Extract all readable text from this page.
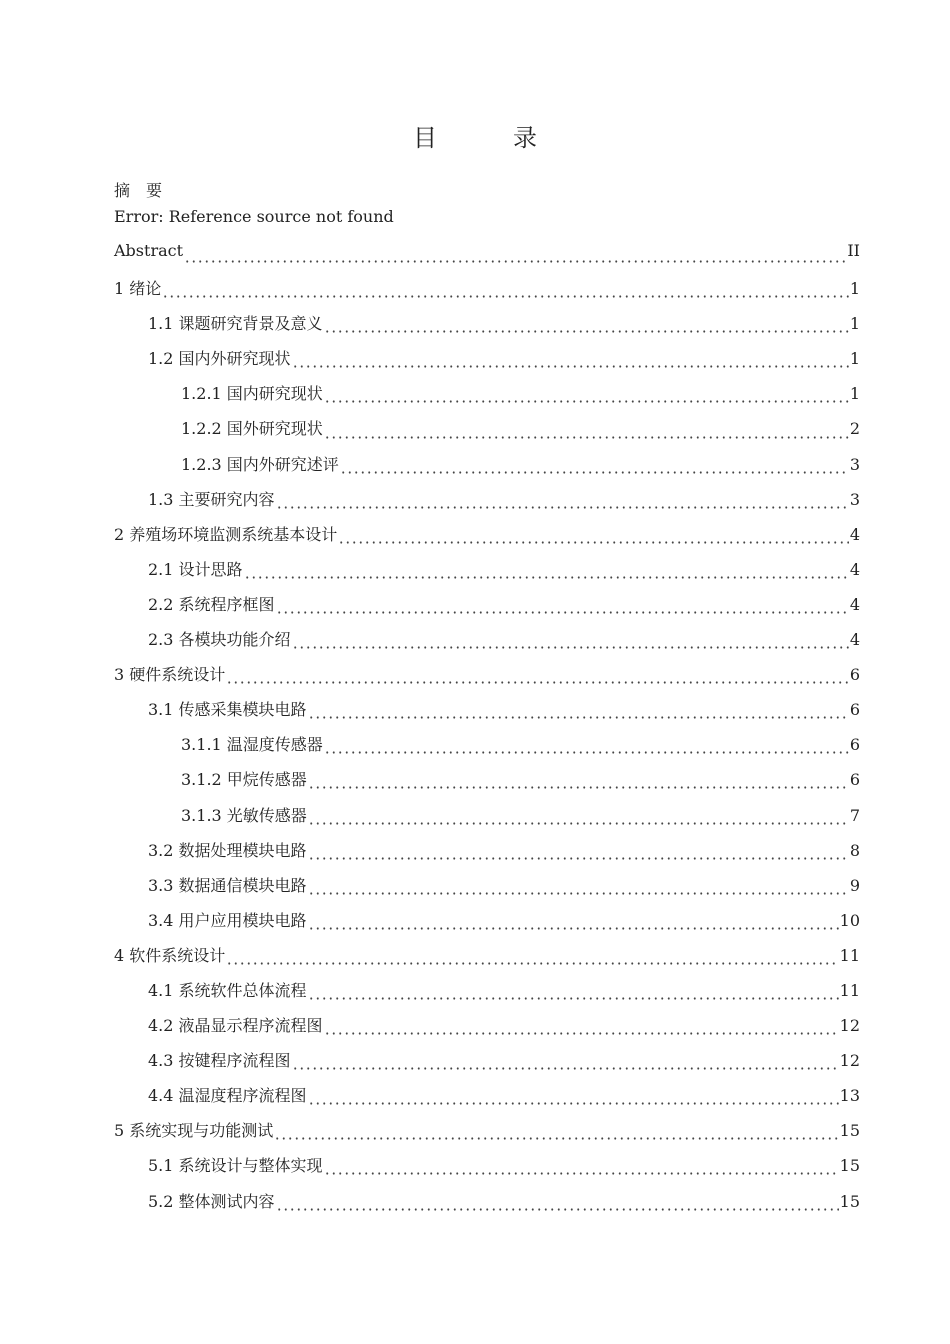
目　录
摘　要
Error: Reference source not found
Abstract	II
1 绪论	1
1.1 课题研究背景及意义	1
1.2 国内外研究现状	1
1.2.1 国内研究现状	1
1.2.2 国外研究现状	2
1.2.3 国内外研究述评	3
1.3 主要研究内容	3
2 养殖场环境监测系统基本设计	4
2.1 设计思路	4
2.2 系统程序框图	4
2.3 各模块功能介绍	4
3 硬件系统设计	6
3.1 传感采集模块电路	6
3.1.1 温湿度传感器	6
3.1.2 甲烷传感器	6
3.1.3 光敏传感器	7
3.2 数据处理模块电路	8
3.3 数据通信模块电路	9
3.4 用户应用模块电路	10
4 软件系统设计	11
4.1 系统软件总体流程	11
4.2 液晶显示程序流程图	12
4.3 按键程序流程图	12
4.4 温湿度程序流程图	13
5 系统实现与功能测试	15
5.1 系统设计与整体实现	15
5.2 整体测试内容	15
